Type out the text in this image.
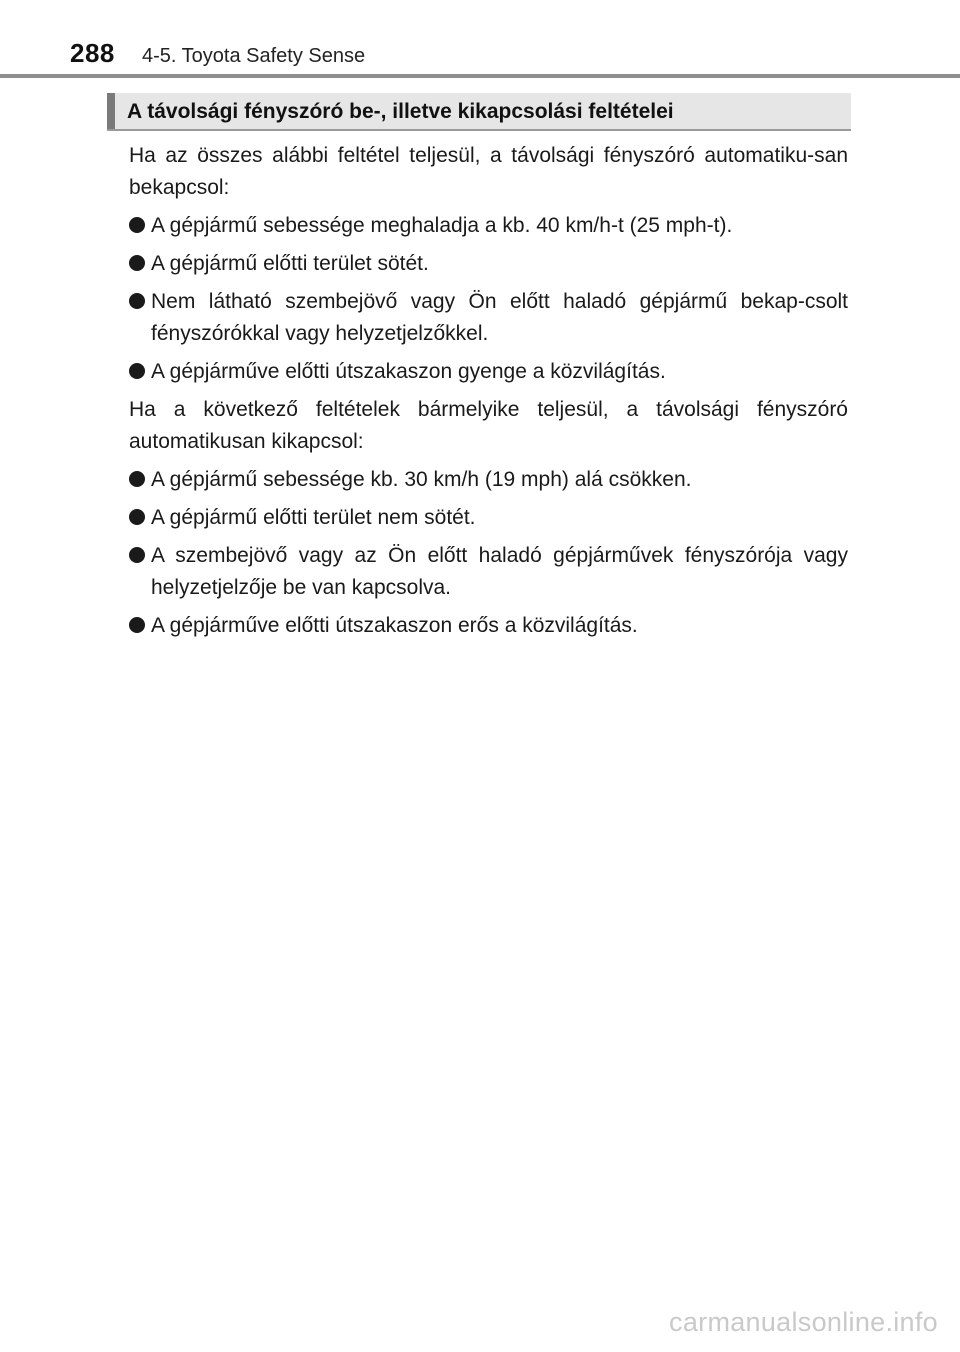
288 4-5. Toyota Safety Sense
A távolsági fényszóró be-, illetve kikapcsolási feltételei

Ha az összes alábbi feltétel teljesül, a távolsági fényszóró automatiku-san bekapcsol:

A gépjármű sebessége meghaladja a kb. 40 km/h-t (25 mph-t).
A gépjármű előtti terület sötét.
Nem látható szembejövő vagy Ön előtt haladó gépjármű bekap-csolt fényszórókkal vagy helyzetjelzőkkel.
A gépjárműve előtti útszakaszon gyenge a közvilágítás.

Ha a következő feltételek bármelyike teljesül, a távolsági fényszóró automatikusan kikapcsol:

A gépjármű sebessége kb. 30 km/h (19 mph) alá csökken.
A gépjármű előtti terület nem sötét.
A szembejövő vagy az Ön előtt haladó gépjárművek fényszórója vagy helyzetjelzője be van kapcsolva.
A gépjárműve előtti útszakaszon erős a közvilágítás.
carmanualsonline.info
